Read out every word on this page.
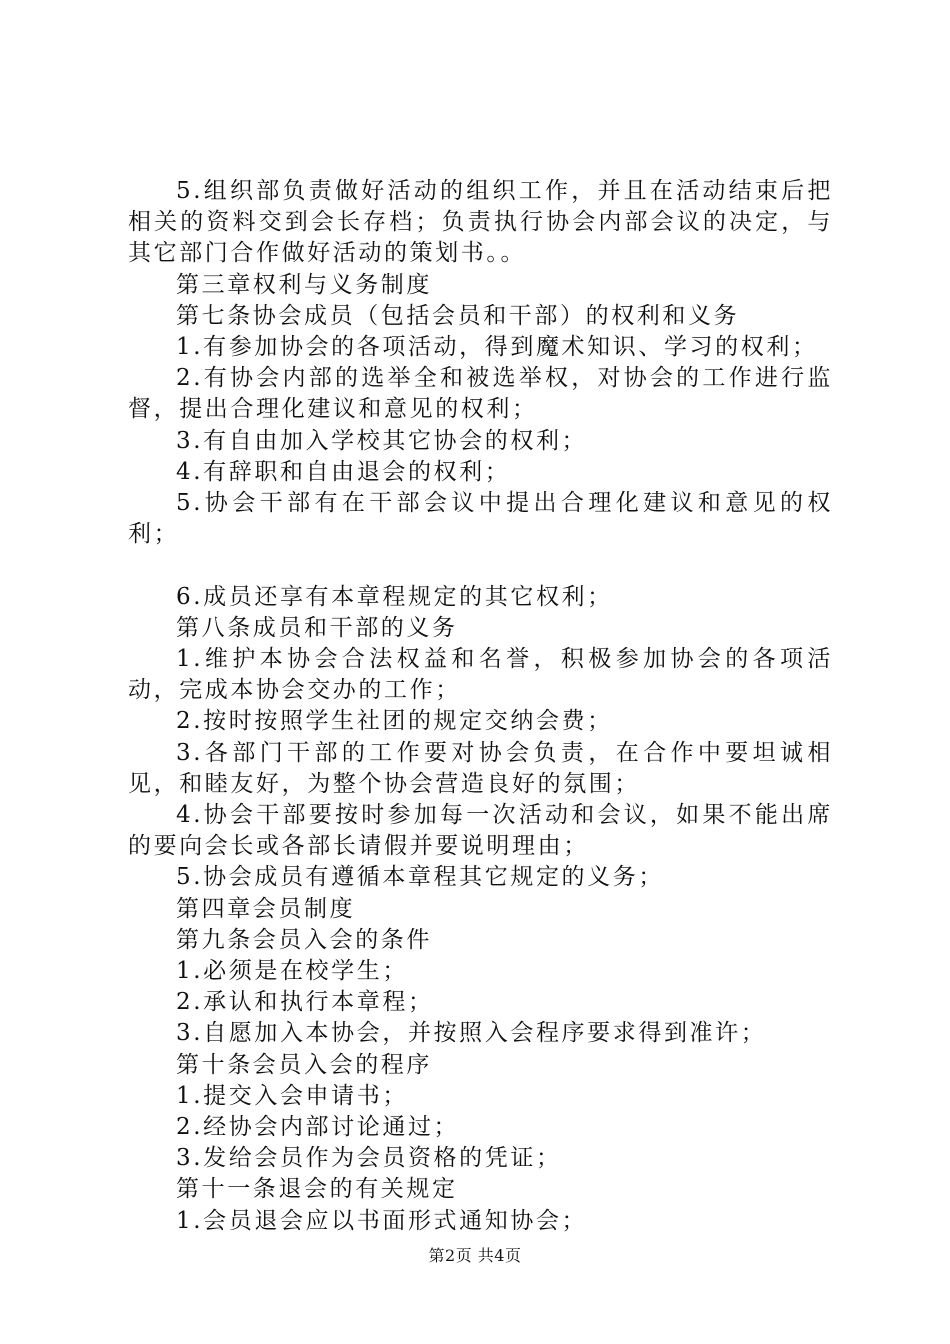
5.组织部负责做好活动的组织工作，并且在活动结束后把相关的资料交到会长存档；负责执行协会内部会议的决定，与其它部门合作做好活动的策划书。。

第三章权利与义务制度

第七条协会成员（包括会员和干部）的权利和义务

1.有参加协会的各项活动，得到魔术知识、学习的权利；

2.有协会内部的选举全和被选举权，对协会的工作进行监督，提出合理化建议和意见的权利；

3.有自由加入学校其它协会的权利；

4.有辞职和自由退会的权利；

5.协会干部有在干部会议中提出合理化建议和意见的权利；

6.成员还享有本章程规定的其它权利；

第八条成员和干部的义务

1.维护本协会合法权益和名誉，积极参加协会的各项活动，完成本协会交办的工作；

2.按时按照学生社团的规定交纳会费；

3.各部门干部的工作要对协会负责，在合作中要坦诚相见，和睦友好，为整个协会营造良好的氛围；

4.协会干部要按时参加每一次活动和会议，如果不能出席的要向会长或各部长请假并要说明理由；

5.协会成员有遵循本章程其它规定的义务；

第四章会员制度

第九条会员入会的条件

1.必须是在校学生；

2.承认和执行本章程；

3.自愿加入本协会，并按照入会程序要求得到准许；

第十条会员入会的程序

1.提交入会申请书；

2.经协会内部讨论通过；

3.发给会员作为会员资格的凭证；

第十一条退会的有关规定

1.会员退会应以书面形式通知协会；

第2页 共4页
